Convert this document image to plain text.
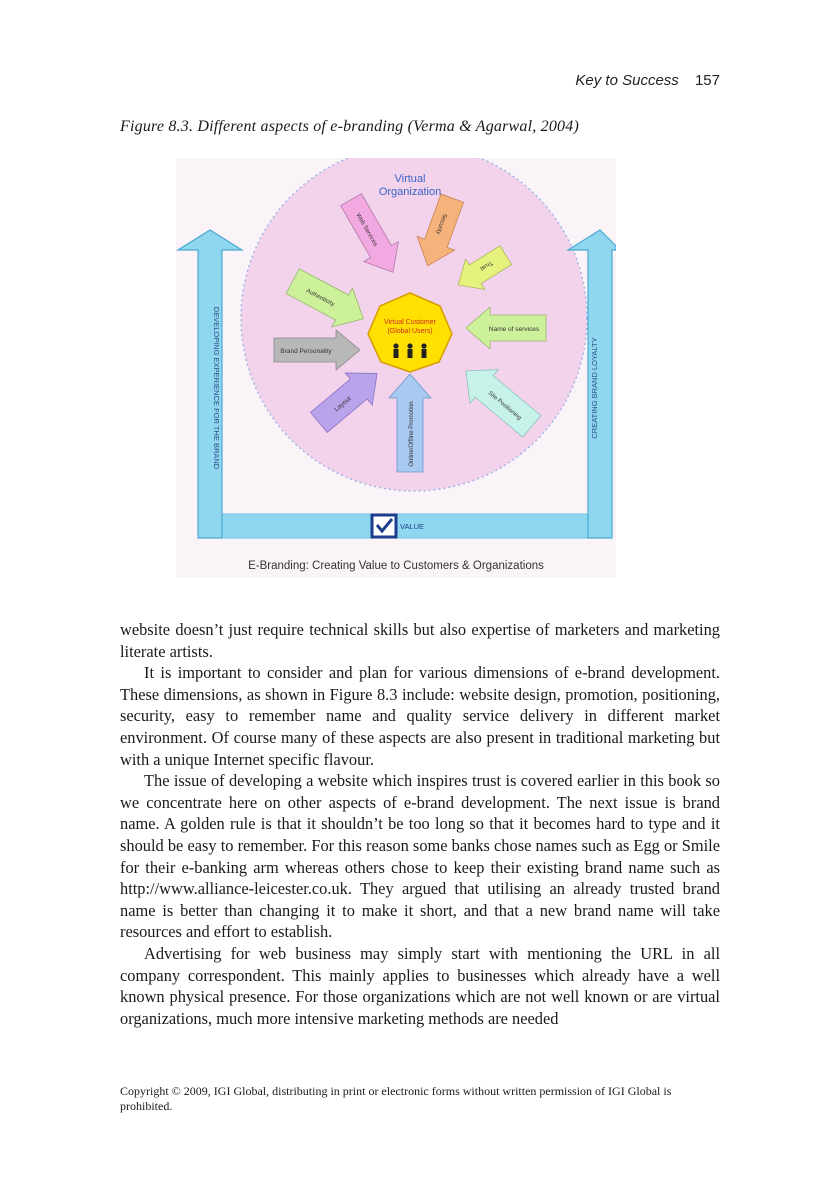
Key to Success 157
Figure 8.3. Different aspects of e-branding (Verma & Agarwal, 2004)
DEVELOPING EXPERIENCE FOR THE BRAND	CREATING BRAND LOYALTY
Virtual
Organization
Web Services	Security
Trust
Authenticity
Name of services
Brand Personality
Site Positioning
Layout	Online/Offline Promotion
Virtual Customer
(Global Users)
VALUE
E-Branding: Creating Value to Customers & Organizations

website doesn’t just require technical skills but also expertise of marketers and marketing literate artists.

It is important to consider and plan for various dimensions of e-brand development. These dimensions, as shown in Figure 8.3 include: website design, promotion, positioning, security, easy to remember name and quality service delivery in different market environment. Of course many of these aspects are also present in traditional marketing but with a unique Internet specific flavour.

The issue of developing a website which inspires trust is covered earlier in this book so we concentrate here on other aspects of e-brand development. The next issue is brand name. A golden rule is that it shouldn’t be too long so that it becomes hard to type and it should be easy to remember. For this reason some banks chose names such as Egg or Smile for their e-banking arm whereas others chose to keep their existing brand name such as http://www.alliance-leicester.co.uk. They argued that utilising an already trusted brand name is better than changing it to make it short, and that a new brand name will take resources and effort to establish.

Advertising for web business may simply start with mentioning the URL in all company correspondent. This mainly applies to businesses which already have a well known physical presence. For those organizations which are not well known or are virtual organizations, much more intensive marketing methods are needed

Copyright © 2009, IGI Global, distributing in print or electronic forms without written permission of IGI Global is prohibited.
